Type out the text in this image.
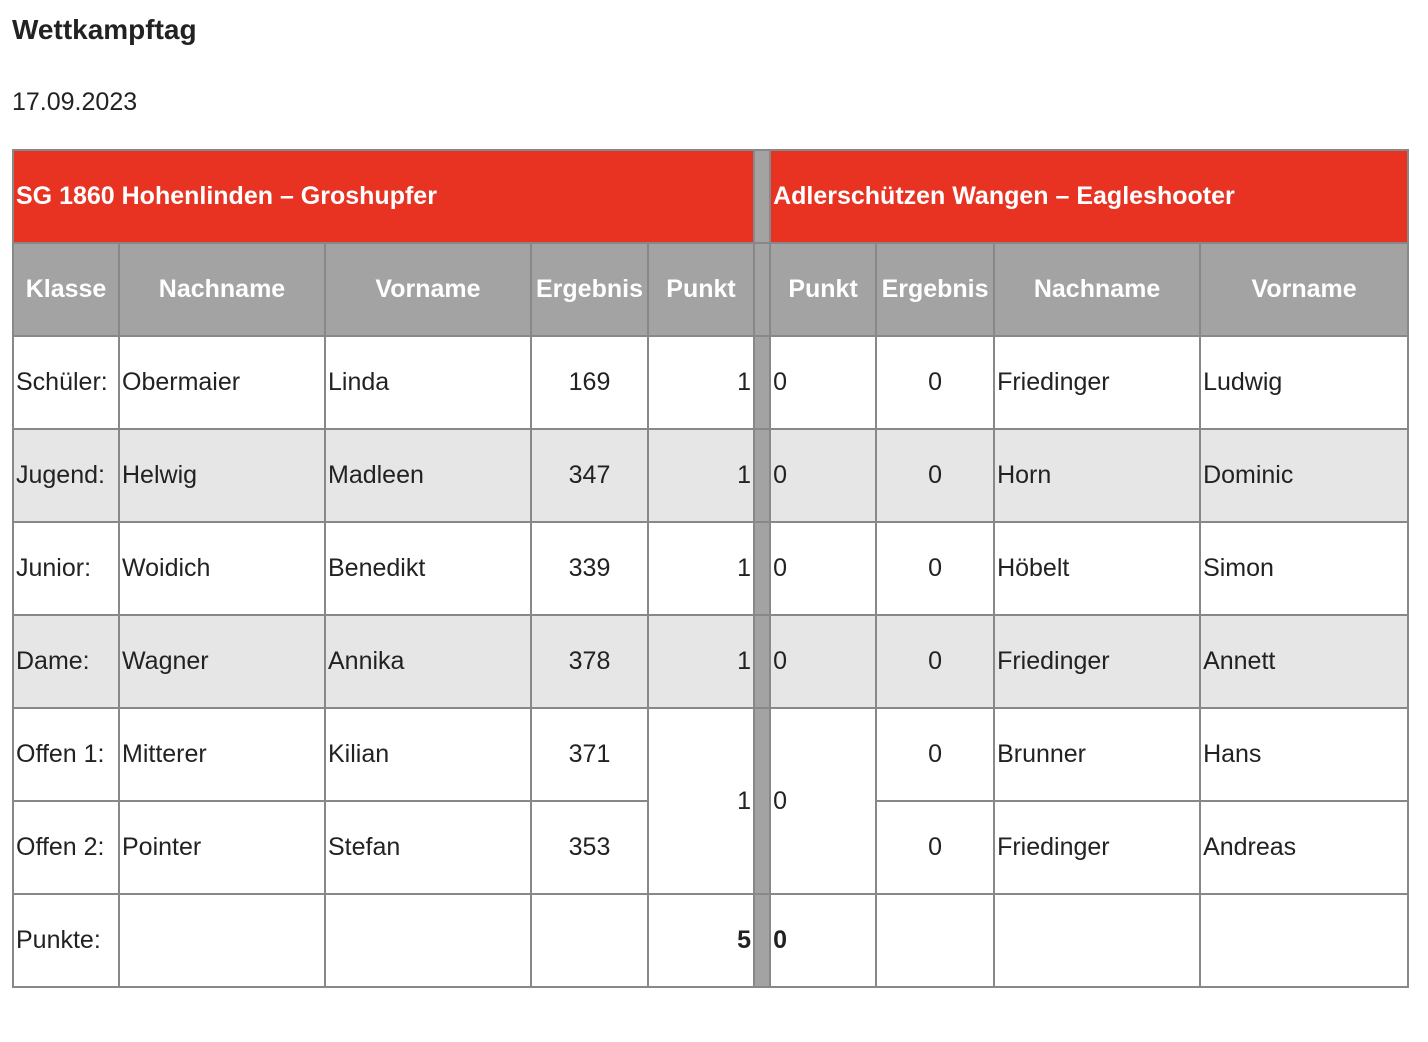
Wettkampftag
17.09.2023
SG 1860 Hohenlinden – Groshupfer						Adlerschützen Wangen – Eagleshooter			
Klasse	Nachname	Vorname	Ergebnis	Punkt		Punkt	Ergebnis	Nachname	Vorname
Schüler:	Obermaier	Linda	169	1		0	0	Friedinger	Ludwig
Jugend:	Helwig	Madleen	347	1		0	0	Horn	Dominic
Junior:	Woidich	Benedikt	339	1		0	0	Höbelt	Simon
Dame:	Wagner	Annika	378	1		0	0	Friedinger	Annett
Offen 1:	Mitterer	Kilian	371	1		0	0	Brunner	Hans
Offen 2:	Pointer	Stefan	353				0	Friedinger	Andreas
Punkte:				5		0			
